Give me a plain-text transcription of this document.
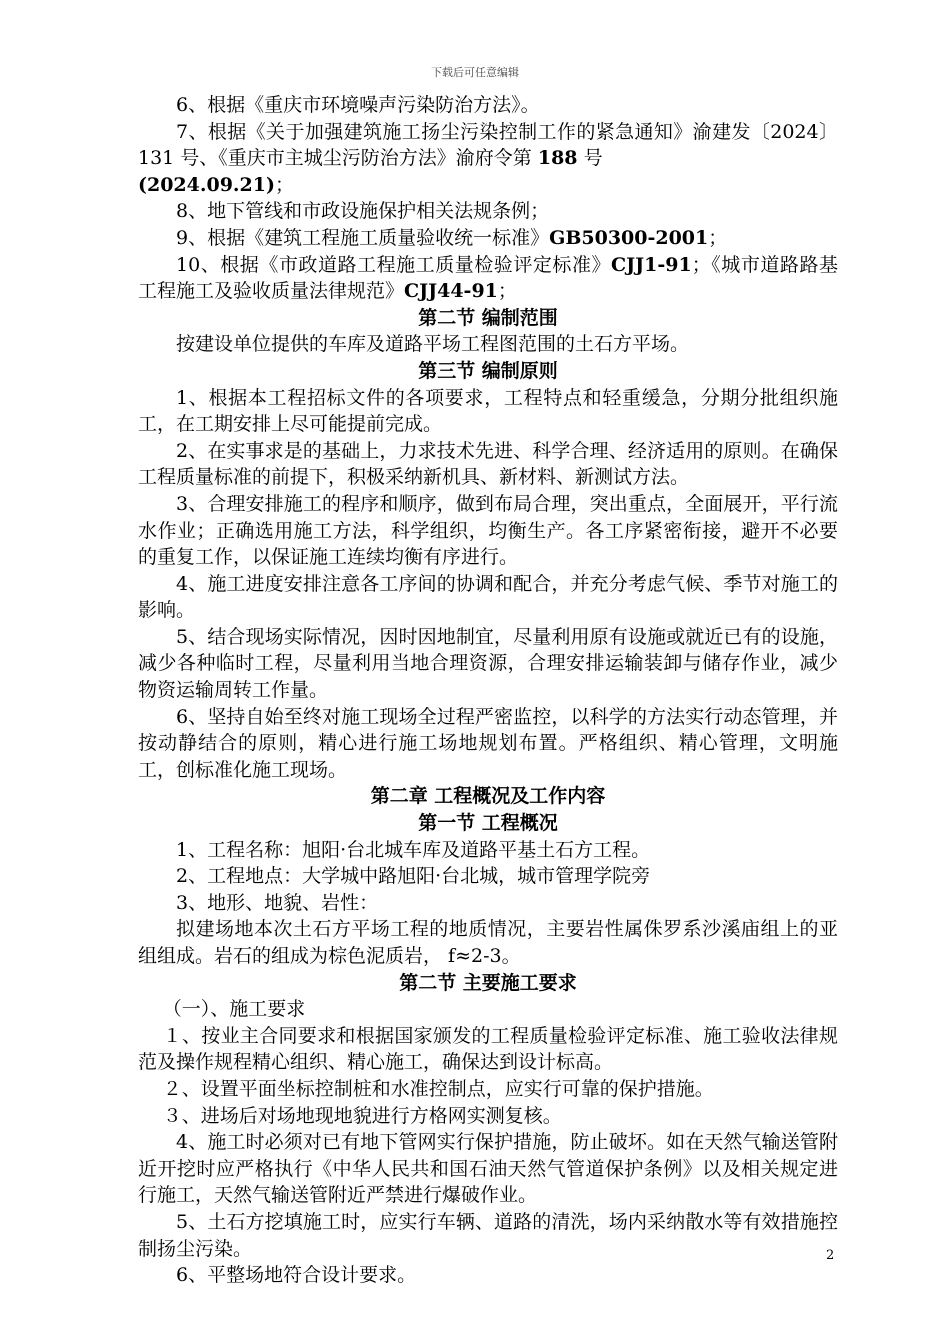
下载后可任意编辑

6、根据《重庆市环境噪声污染防治方法》。

7、根据《关于加强建筑施工扬尘污染控制工作的紧急通知》渝建发〔2024〕131 号、《重庆市主城尘污防治方法》渝府令第 188 号
(2024.09.21)；

8、地下管线和市政设施保护相关法规条例；

9、根据《建筑工程施工质量验收统一标准》GB50300-2001；

10、根据《市政道路工程施工质量检验评定标准》CJJ1-91；《城市道路路基工程施工及验收质量法律规范》CJJ44-91；

第二节 编制范围

按建设单位提供的车库及道路平场工程图范围的土石方平场。

第三节 编制原则

1、根据本工程招标文件的各项要求，工程特点和轻重缓急，分期分批组织施工，在工期安排上尽可能提前完成。

2、在实事求是的基础上，力求技术先进、科学合理、经济适用的原则。在确保工程质量标准的前提下，积极采纳新机具、新材料、新测试方法。

3、合理安排施工的程序和顺序，做到布局合理，突出重点，全面展开，平行流水作业；正确选用施工方法，科学组织，均衡生产。各工序紧密衔接，避开不必要的重复工作，以保证施工连续均衡有序进行。

4、施工进度安排注意各工序间的协调和配合，并充分考虑气候、季节对施工的影响。

5、结合现场实际情况，因时因地制宜，尽量利用原有设施或就近已有的设施，减少各种临时工程，尽量利用当地合理资源，合理安排运输装卸与储存作业，减少物资运输周转工作量。

6、坚持自始至终对施工现场全过程严密监控，以科学的方法实行动态管理，并按动静结合的原则，精心进行施工场地规划布置。严格组织、精心管理，文明施工，创标准化施工现场。

第二章 工程概况及工作内容

第一节 工程概况

1、工程名称：旭阳·台北城车库及道路平基土石方工程。

2、工程地点：大学城中路旭阳·台北城，城市管理学院旁

3、地形、地貌、岩性：

拟建场地本次土石方平场工程的地质情况，主要岩性属侏罗系沙溪庙组上的亚组组成。岩石的组成为棕色泥质岩， f≈2-3。

第二节 主要施工要求

（一）、施工要求

１、按业主合同要求和根据国家颁发的工程质量检验评定标准、施工验收法律规范及操作规程精心组织、精心施工，确保达到设计标高。

２、设置平面坐标控制桩和水准控制点，应实行可靠的保护措施。

３、进场后对场地现地貌进行方格网实测复核。

4、施工时必须对已有地下管网实行保护措施，防止破坏。如在天然气输送管附近开挖时应严格执行《中华人民共和国石油天然气管道保护条例》以及相关规定进行施工，天然气输送管附近严禁进行爆破作业。

5、土石方挖填施工时，应实行车辆、道路的清洗，场内采纳散水等有效措施控制扬尘污染。

6、平整场地符合设计要求。

2
